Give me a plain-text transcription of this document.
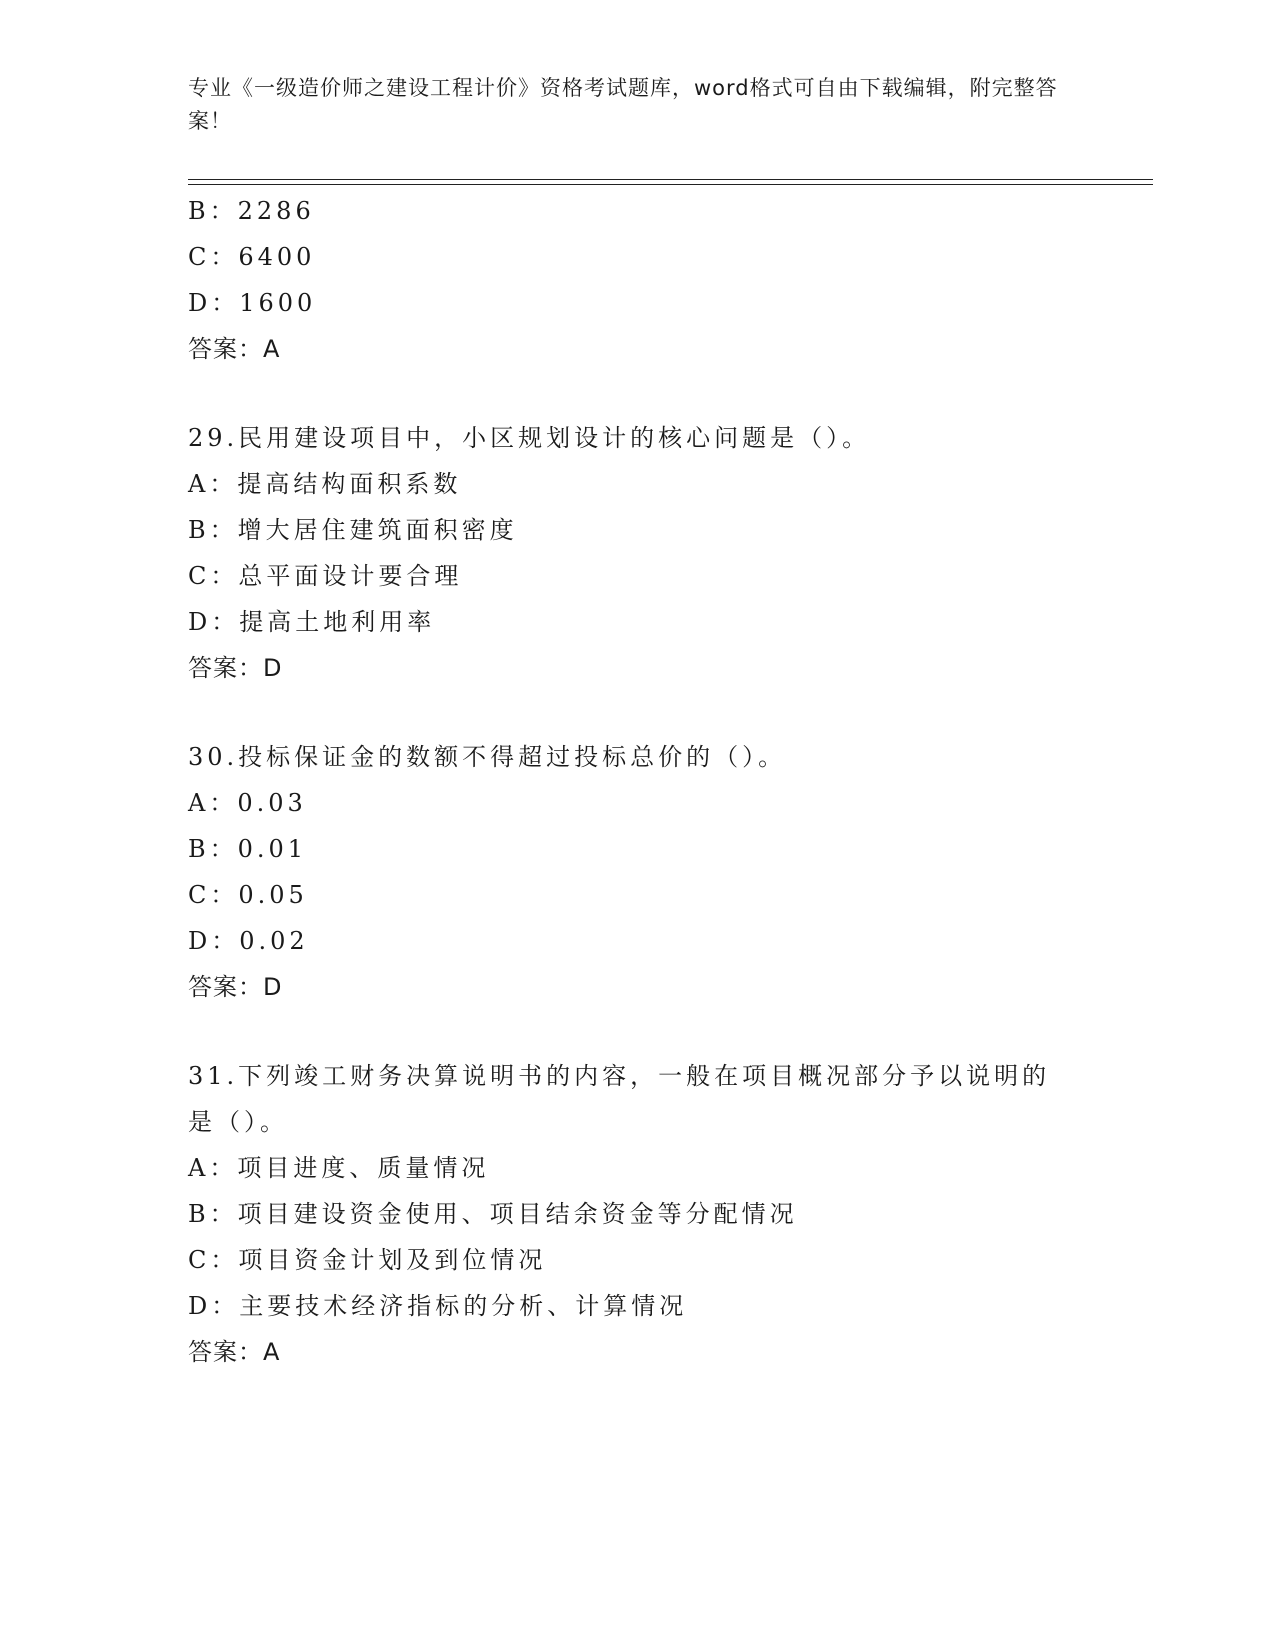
专业《一级造价师之建设工程计价》资格考试题库，word格式可自由下载编辑，附完整答案！
B：2286
C：6400
D：1600
答案：A
29.民用建设项目中，小区规划设计的核心问题是（）。
A：提高结构面积系数
B：增大居住建筑面积密度
C：总平面设计要合理
D：提高土地利用率
答案：D
30.投标保证金的数额不得超过投标总价的（）。
A：0.03
B：0.01
C：0.05
D：0.02
答案：D
31.下列竣工财务决算说明书的内容，一般在项目概况部分予以说明的是（）。
A：项目进度、质量情况
B：项目建设资金使用、项目结余资金等分配情况
C：项目资金计划及到位情况
D：主要技术经济指标的分析、计算情况
答案：A
